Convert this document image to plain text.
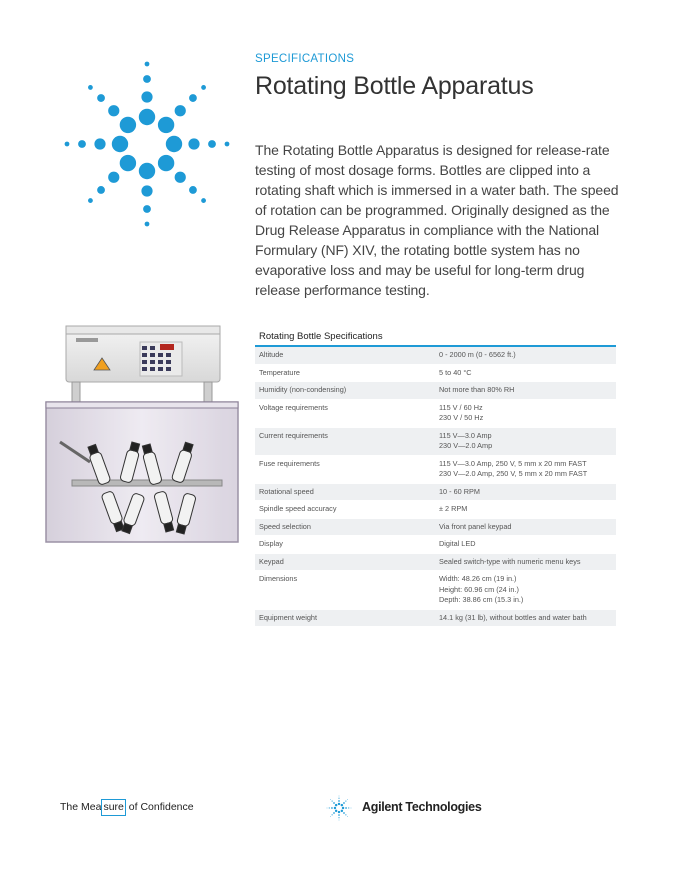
SPECIFICATIONS
Rotating Bottle Apparatus

The Rotating Bottle Apparatus is designed for release-rate testing of most dosage forms. Bottles are clipped into a rotating shaft which is immersed in a water bath. The speed of rotation can be programmed. Originally designed as the Drug Release Apparatus in compliance with the National Formulary (NF) XIV, the rotating bottle system has no evaporative loss and may be useful for long-term drug release performance testing.

Rotating Bottle Specifications
Altitude	0 - 2000 m (0 - 6562 ft.)

Temperature	5 to 40 °C

Humidity (non-condensing)	Not more than 80% RH

Voltage requirements	115 V / 60 Hz
230 V / 50 Hz

Current requirements	115 V—3.0 Amp
230 V—2.0 Amp

Fuse requirements	115 V—3.0 Amp, 250 V, 5 mm x 20 mm FAST
230 V—2.0 Amp, 250 V, 5 mm x 20 mm FAST

Rotational speed	10 - 60 RPM

Spindle speed accuracy	± 2 RPM

Speed selection	Via front panel keypad

Display	Digital LED

Keypad	Sealed switch-type with numeric menu keys

Dimensions	Width: 48.26 cm (19 in.)
Height: 60.96 cm (24 in.)
Depth: 38.86 cm (15.3 in.)

Equipment weight	14.1 kg (31 lb), without bottles and water bath
The Mea sure of Confidence	Agilent Technologies
